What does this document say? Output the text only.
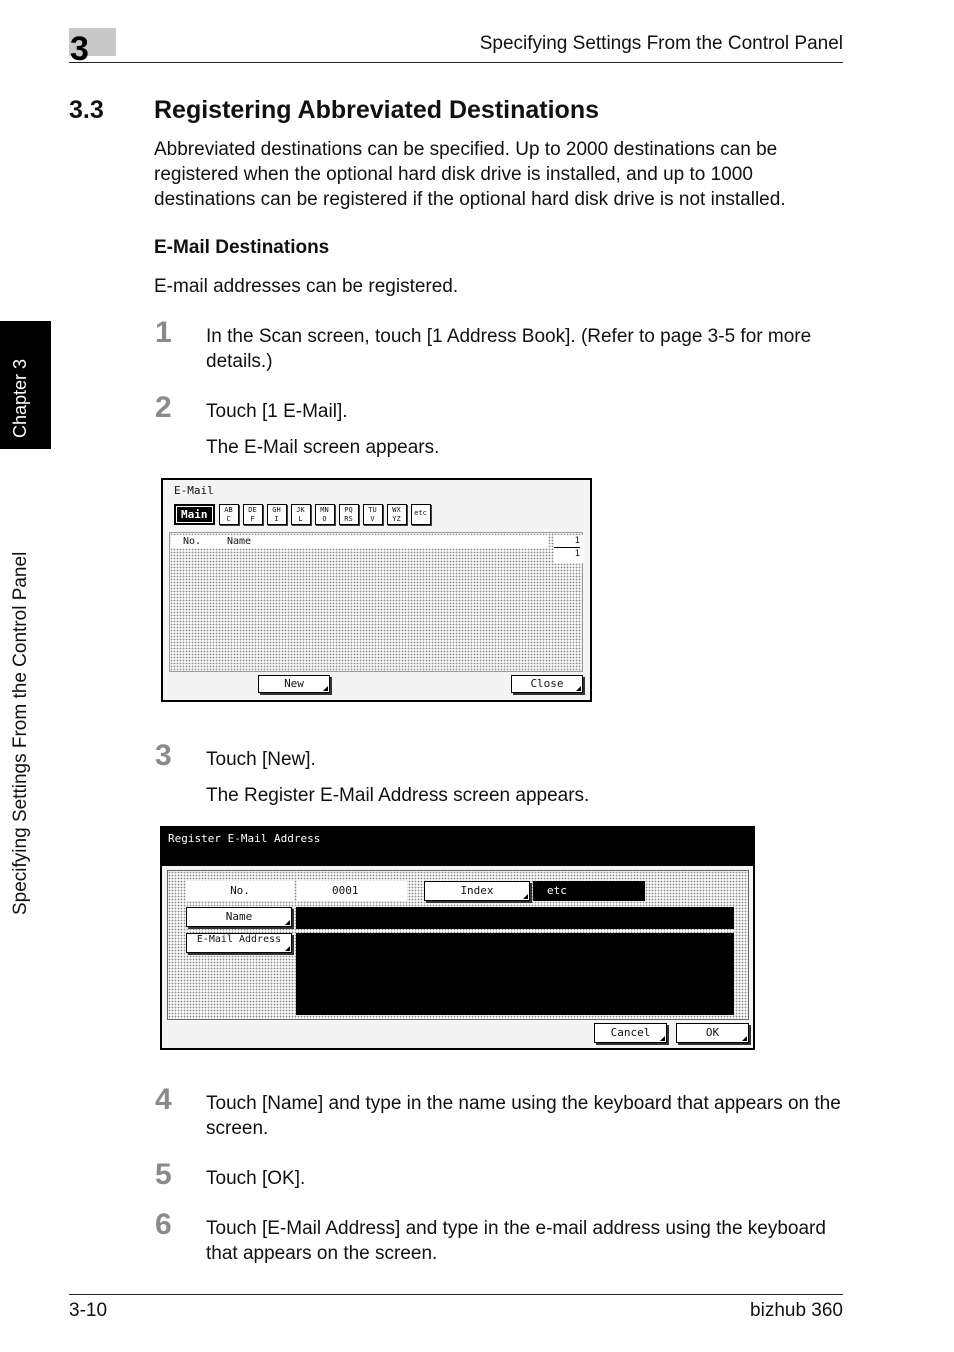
3	Specifying Settings From the Control Panel
Chapter 3
Specifying Settings From the Control Panel
3.3 Registering Abbreviated Destinations
Abbreviated destinations can be specified. Up to 2000 destinations can be registered when the optional hard disk drive is installed, and up to 1000 destinations can be registered if the optional hard disk drive is not installed.
E-Mail Destinations
E-mail addresses can be registered.
1 In the Scan screen, touch [1 Address Book]. (Refer to page 3-5 for more details.)
2 Touch [1 E-Mail].
The E-Mail screen appears.
E-Mail
Main	AB
C
DE
F
GH
I
JK
L
MN
O
PQ
RS
TU
V
WX
YZ
etc
No.	Name	1
1
New	Close
3 Touch [New].
The Register E-Mail Address screen appears.
Register E-Mail Address
No.	0001	Index	etc
Name
E-Mail Address
Cancel	OK
4 Touch [Name] and type in the name using the keyboard that appears on the screen.
5 Touch [OK].
6 Touch [E-Mail Address] and type in the e-mail address using the keyboard that appears on the screen.
3-10	bizhub 360
